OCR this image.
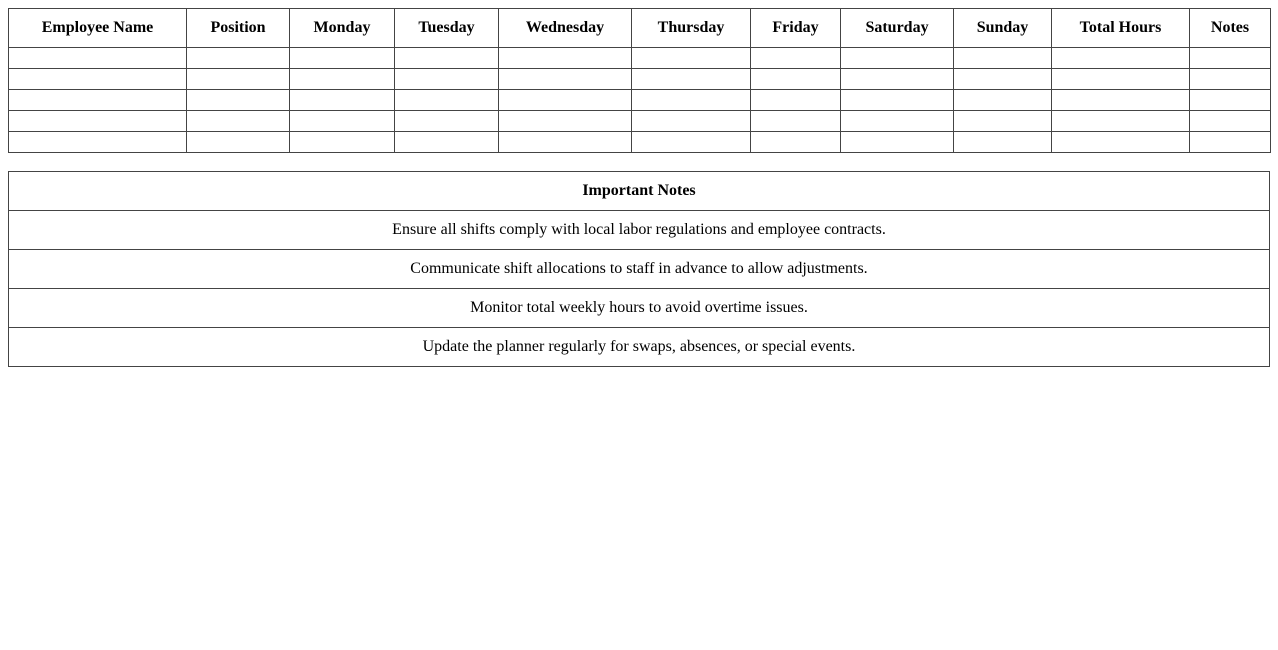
Employee Name	Position	Monday	Tuesday	Wednesday	Thursday	Friday	Saturday	Sunday	Total Hours	Notes

Important Notes
Ensure all shifts comply with local labor regulations and employee contracts.
Communicate shift allocations to staff in advance to allow adjustments.
Monitor total weekly hours to avoid overtime issues.
Update the planner regularly for swaps, absences, or special events.
